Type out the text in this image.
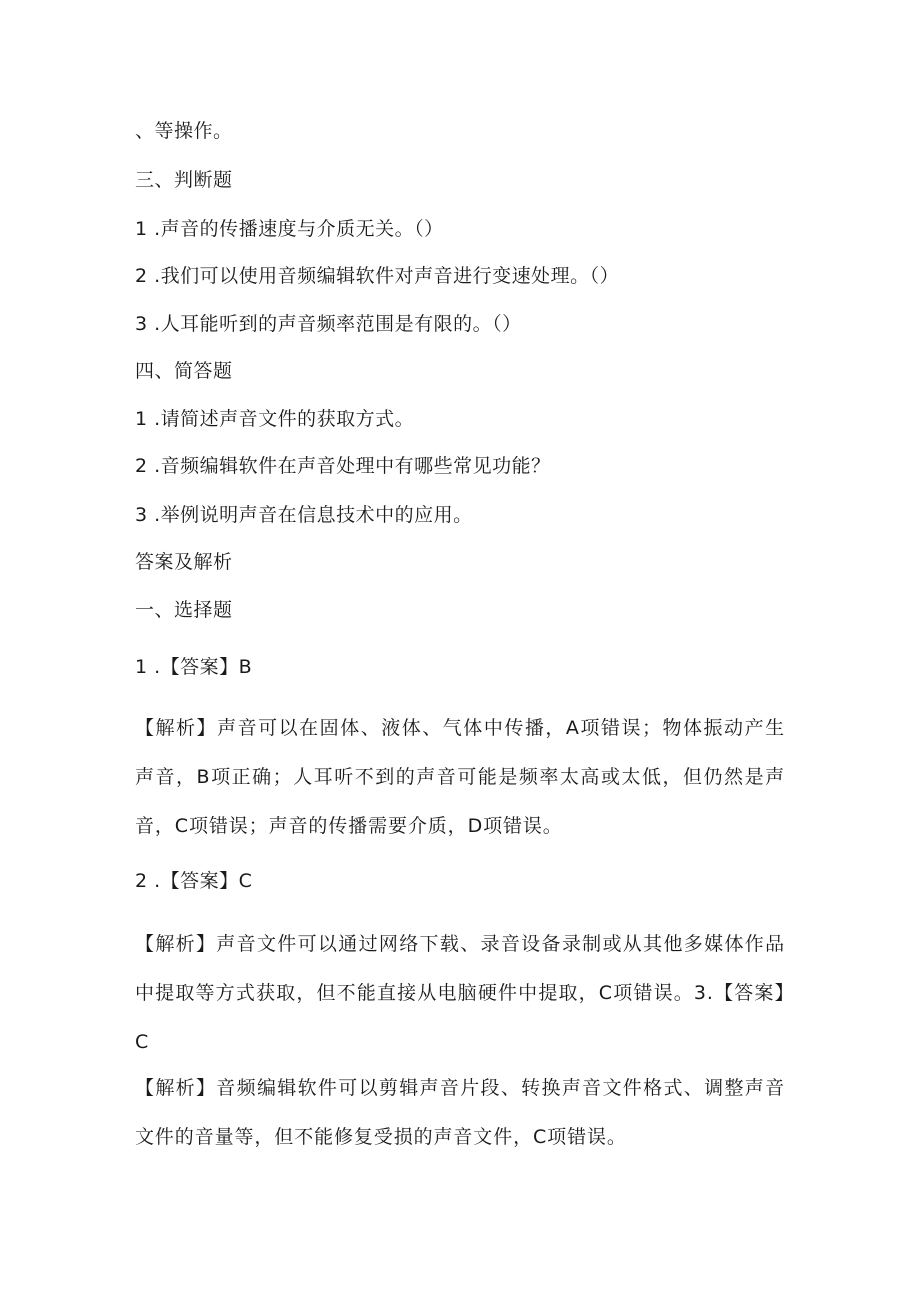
、等操作。
三、判断题
1 .声音的传播速度与介质无关。（）
2 .我们可以使用音频编辑软件对声音进行变速处理。（）
3 .人耳能听到的声音频率范围是有限的。（）
四、简答题
1 .请简述声音文件的获取方式。
2 .音频编辑软件在声音处理中有哪些常见功能？
3 .举例说明声音在信息技术中的应用。
答案及解析
一、选择题
1 .【答案】B
【解析】声音可以在固体、液体、气体中传播，A项错误；物体振动产生声音，B项正确；人耳听不到的声音可能是频率太高或太低，但仍然是声音，C项错误；声音的传播需要介质，D项错误。
2 .【答案】C
【解析】声音文件可以通过网络下载、录音设备录制或从其他多媒体作品中提取等方式获取，但不能直接从电脑硬件中提取，C项错误。3.【答案】C
【解析】音频编辑软件可以剪辑声音片段、转换声音文件格式、调整声音文件的音量等，但不能修复受损的声音文件，C项错误。
